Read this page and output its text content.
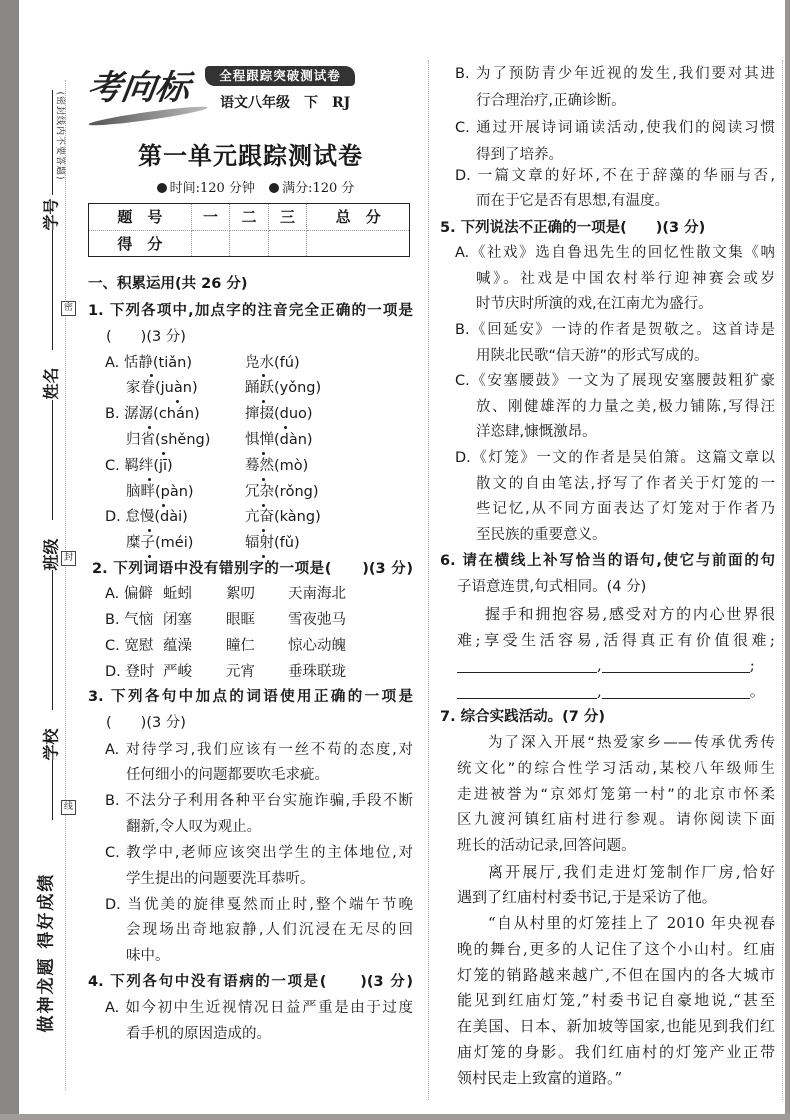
(密封线内不要答题)
学号
姓名
班级
学校
密
封
线
做神龙题 得好成绩
考向标	全程跟踪突破测试卷
语文八年级　下　RJ
第一单元跟踪测试卷
时间:120 分钟 满分:120 分
题　号	一	二	三	总　分
得　分				
一、积累运用(共 26 分)
1. 下列各项中,加点字的注音完全正确的一项是
(　　)(3 分)
A. 恬静(tiǎn)	凫水(fú)
家眷(juàn)	踊跃(yǒng)
B. 潺潺(chán)	撺掇(duo)
归省(shěng) 惧惮(dàn)
C. 羁绊(jī)	蓦然(mò)
脑畔(pàn)	冗杂(rǒng)
D. 怠慢(dài)	亢奋(kàng)
糜子(méi)	辐射(fǔ)
2. 下列词语中没有错别字的一项是(　　)(3 分)
A. 偏僻 蚯蚓 絮叨 天南海北
B. 气恼 闭塞 眼眶 雪夜弛马
C. 宽慰 蕴澡 瞳仁 惊心动魄
D. 登时 严峻 元宵 垂珠联珑
3. 下列各句中加点的词语使用正确的一项是
(　　)(3 分)
A. 对待学习,我们应该有一丝不苟的态度,对
任何细小的问题都要吹毛求疵。
B. 不法分子利用各种平台实施诈骗,手段不断
翻新,令人叹为观止。
C. 教学中,老师应该突出学生的主体地位,对
学生提出的问题要洗耳恭听。
D. 当优美的旋律戛然而止时,整个端午节晚
会现场出奇地寂静,人们沉浸在无尽的回
味中。
4. 下列各句中没有语病的一项是(　　)(3 分)
A. 如今初中生近视情况日益严重是由于过度
看手机的原因造成的。
B. 为了预防青少年近视的发生,我们要对其进
行合理治疗,正确诊断。
C. 通过开展诗词诵读活动,使我们的阅读习惯
得到了培养。
D. 一篇文章的好坏,不在于辞藻的华丽与否,
而在于它是否有思想,有温度。
5. 下列说法不正确的一项是(　　)(3 分)
A.《社戏》选自鲁迅先生的回忆性散文集《呐
喊》。社戏是中国农村举行迎神赛会或岁
时节庆时所演的戏,在江南尤为盛行。
B.《回延安》一诗的作者是贺敬之。这首诗是
用陕北民歌“信天游”的形式写成的。
C.《安塞腰鼓》一文为了展现安塞腰鼓粗犷豪
放、刚健雄浑的力量之美,极力铺陈,写得汪
洋恣肆,慷慨激昂。
D.《灯笼》一文的作者是吴伯箫。这篇文章以
散文的自由笔法,抒写了作者关于灯笼的一
些记忆,从不同方面表达了灯笼对于作者乃
至民族的重要意义。
6. 请在横线上补写恰当的语句,使它与前面的句
子语意连贯,句式相同。(4 分)
握手和拥抱容易,感受对方的内心世界很
难;享受生活容易,活得真正有价值很难;
,	;
,	。
7. 综合实践活动。(7 分)
为了深入开展“热爱家乡——传承优秀传
统文化”的综合性学习活动,某校八年级师生
走进被誉为“京郊灯笼第一村”的北京市怀柔
区九渡河镇红庙村进行参观。请你阅读下面
班长的活动记录,回答问题。
离开展厅,我们走进灯笼制作厂房,恰好
遇到了红庙村村委书记,于是采访了他。
“自从村里的灯笼挂上了 2010 年央视春
晚的舞台,更多的人记住了这个小山村。红庙
灯笼的销路越来越广,不但在国内的各大城市
能见到红庙灯笼,”村委书记自豪地说,“甚至
在美国、日本、新加坡等国家,也能见到我们红
庙灯笼的身影。我们红庙村的灯笼产业正带
领村民走上致富的道路。”
